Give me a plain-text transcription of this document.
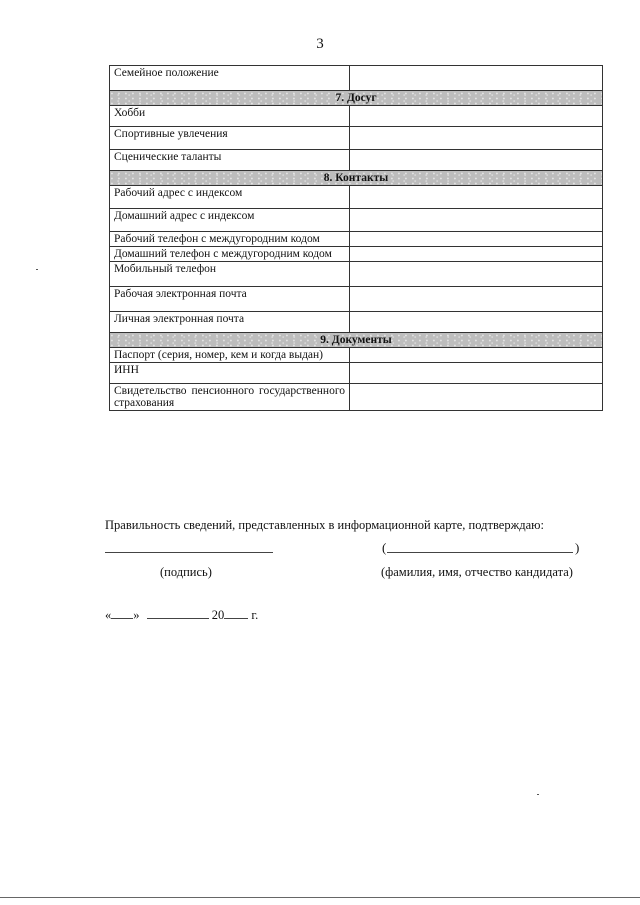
3
Семейное положение	
7. Досуг	
Хобби	
Спортивные увлечения	
Сценические таланты	
8. Контакты	
Рабочий адрес с индексом	
Домашний адрес с индексом	
Рабочий телефон с междугородним кодом	
Домашний телефон с междугородним кодом	
Мобильный телефон	
Рабочая электронная почта	
Личная электронная почта	
9. Документы	
Паспорт (серия, номер, кем и когда выдан)	
ИНН	
Свидетельство пенсионного государственного страхования	
Правильность сведений, представленных в информационной карте, подтверждаю:
(	)
(подпись)	(фамилия, имя, отчество кандидата)
« »	20 г.
